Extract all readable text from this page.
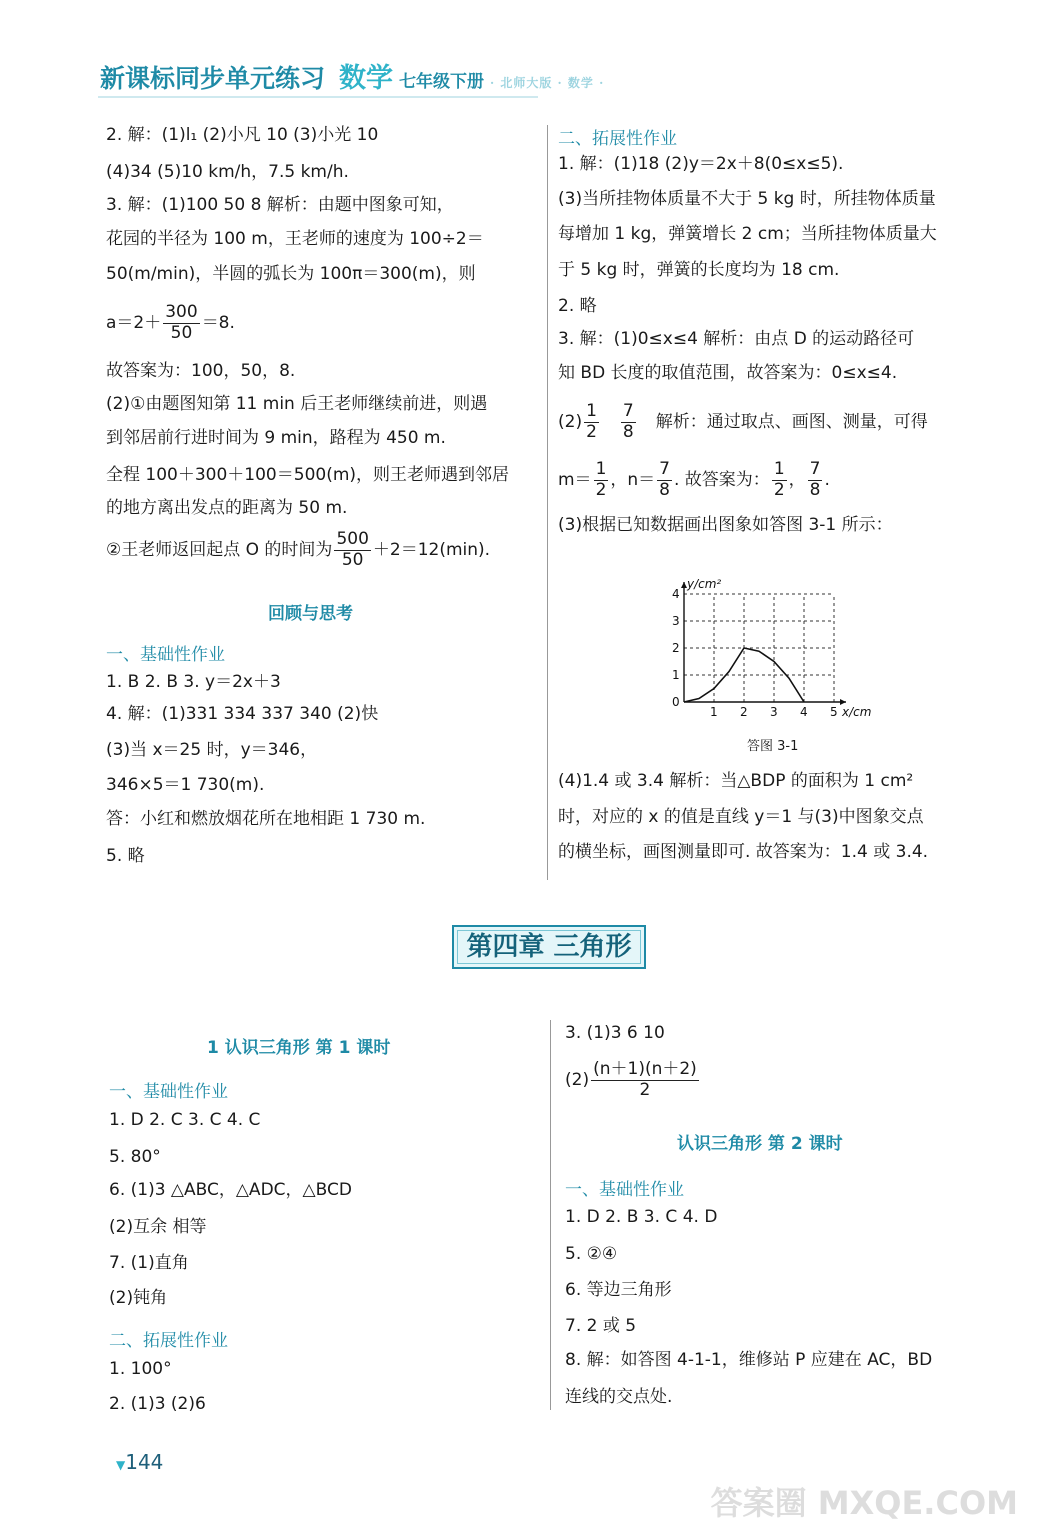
新课标同步单元练习 数学 七年级下册 · 北师大版 · 数学 ·
2. 解：(1)l₁ (2)小凡 10 (3)小光 10
(4)34 (5)10 km/h，7.5 km/h.
3. 解：(1)100 50 8 解析：由题中图象可知，
花园的半径为 100 m，王老师的速度为 100÷2＝
50(m/min)，半圆的弧长为 100π＝300(m)，则
$a=2+ \frac{300}{50} =8$.
故答案为：100，50，8.
(2)①由题图知第 11 min 后王老师继续前进，则遇
到邻居前行进时间为 9 min，路程为 450 m.
全程 100＋300＋100＝500(m)，则王老师遇到邻居
的地方离出发点的距离为 50 m.
②王老师返回起点 O 的时间为 $\frac{500}{50} +2=12(\min)$.
回顾与思考
一、基础性作业
1. B 2. B 3. y＝2x＋3
4. 解：(1)331 334 337 340 (2)快
(3)当 x＝25 时，y＝346，
346×5＝1 730(m).
答：小红和燃放烟花所在地相距 1 730 m.
5. 略
二、拓展性作业
1. 解：(1)18 (2)y＝2x＋8(0≤x≤5).
(3)当所挂物体质量不大于 5 kg 时，所挂物体质量
每增加 1 kg，弹簧增长 2 cm；当所挂物体质量大
于 5 kg 时，弹簧的长度均为 18 cm.
2. 略
3. 解：(1)0≤x≤4 解析：由点 D 的运动路径可
知 BD 长度的取值范围，故答案为：0≤x≤4.
$(2) \frac{1}{2} \frac{7}{8}$ 解析：通过取点、画图、测量，可得
$m= \frac{1}{2}$ ，$n= \frac{7}{8}$ . 故答案为： $\frac{1}{2}$ ， $\frac{7}{8}$ .
(3)根据已知数据画出图象如答图 3-1 所示：
1 2 3 4 5
1
2
3
4
0
y/cm²
x/cm
答图 3-1
(4)1.4 或 3.4 解析：当△BDP 的面积为 1 cm²
时，对应的 x 的值是直线 y＝1 与(3)中图象交点
的横坐标，画图测量即可. 故答案为：1.4 或 3.4.
第四章 三角形
1 认识三角形 第 1 课时
一、基础性作业
1. D 2. C 3. C 4. C
5. 80°
6. (1)3 △ABC，△ADC，△BCD
(2)互余 相等
7. (1)直角
(2)钝角
二、拓展性作业
1. 100°
2. (1)3 (2)6
3. (1)3 6 10
$(2) \frac{(n+1)(n+2)}{2}$
认识三角形 第 2 课时
一、基础性作业
1. D 2. B 3. C 4. D
5. ②④
6. 等边三角形
7. 2 或 5
8. 解：如答图 4-1-1，维修站 P 应建在 AC，BD
连线的交点处.
▼144
答案圈 MXQE.COM
